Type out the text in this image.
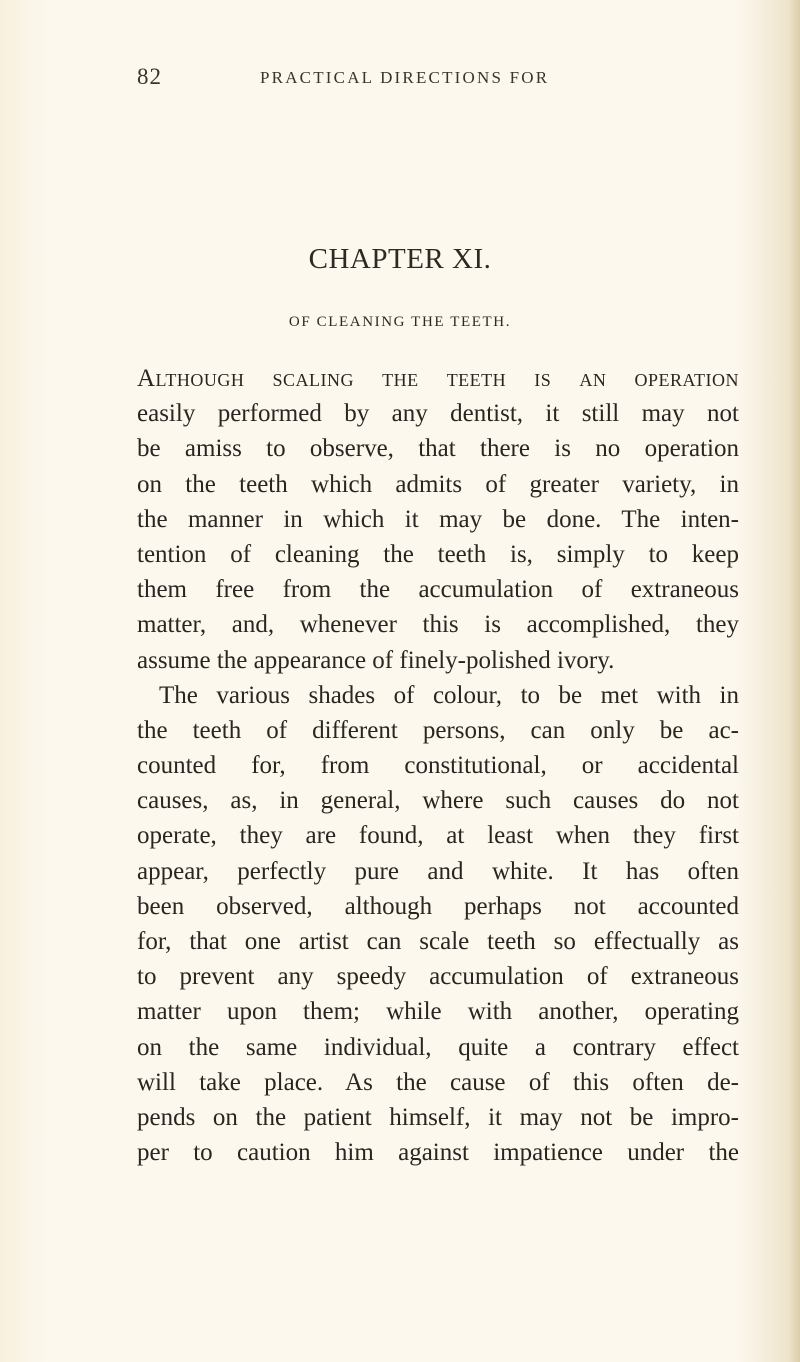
82	PRACTICAL DIRECTIONS FOR
CHAPTER XI.
OF CLEANING THE TEETH.
Although scaling the teeth is an operation
easily performed by any dentist, it still may not
be amiss to observe, that there is no operation
on the teeth which admits of greater variety, in
the manner in which it may be done. The inten-
tention of cleaning the teeth is, simply to keep
them free from the accumulation of extraneous
matter, and, whenever this is accomplished, they
assume the appearance of finely-polished ivory.
The various shades of colour, to be met with in
the teeth of different persons, can only be ac-
counted for, from constitutional, or accidental
causes, as, in general, where such causes do not
operate, they are found, at least when they first
appear, perfectly pure and white. It has often
been observed, although perhaps not accounted
for, that one artist can scale teeth so effectually as
to prevent any speedy accumulation of extraneous
matter upon them; while with another, operating
on the same individual, quite a contrary effect
will take place. As the cause of this often de-
pends on the patient himself, it may not be impro-
per to caution him against impatience under the
